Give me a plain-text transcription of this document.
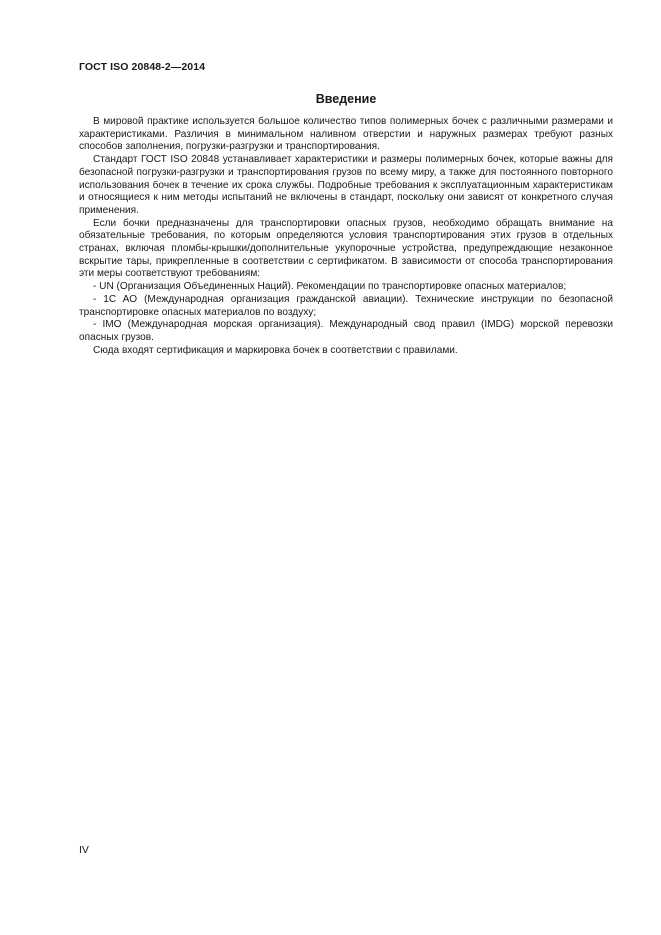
ГОСТ ISO 20848-2—2014
Введение

В мировой практике используется большое количество типов полимерных бочек с различными размерами и характеристиками. Различия в минимальном наливном отверстии и наружных размерах требуют разных способов заполнения, погрузки-разгрузки и транспортирования.

Стандарт ГОСТ ISO 20848 устанавливает характеристики и размеры полимерных бочек, которые важны для безопасной погрузки-разгрузки и транспортирования грузов по всему миру, а также для постоянного повторного использования бочек в течение их срока службы. Подробные требования к эксплуатационным характеристикам и относящиеся к ним методы испытаний не включены в стандарт, поскольку они зависят от конкретного случая применения.

Если бочки предназначены для транспортировки опасных грузов, необходимо обращать внимание на обязательные требования, по которым определяются условия транспортирования этих грузов в отдельных странах, включая пломбы-крышки/дополнительные укупорочные устройства, предупреждающие незаконное вскрытие тары, прикрепленные в соответствии с сертификатом. В зависимости от способа транспортирования эти меры соответствуют требованиям:

- UN (Организация Объединенных Наций). Рекомендации по транспортировке опасных материалов;

- 1C AO (Международная организация гражданской авиации). Технические инструкции по безопасной транспортировке опасных материалов по воздуху;

- IMO (Международная морская организация). Международный свод правил (IMDG) морской перевозки опасных грузов.

Сюда входят сертификация и маркировка бочек в соответствии с правилами.

IV
